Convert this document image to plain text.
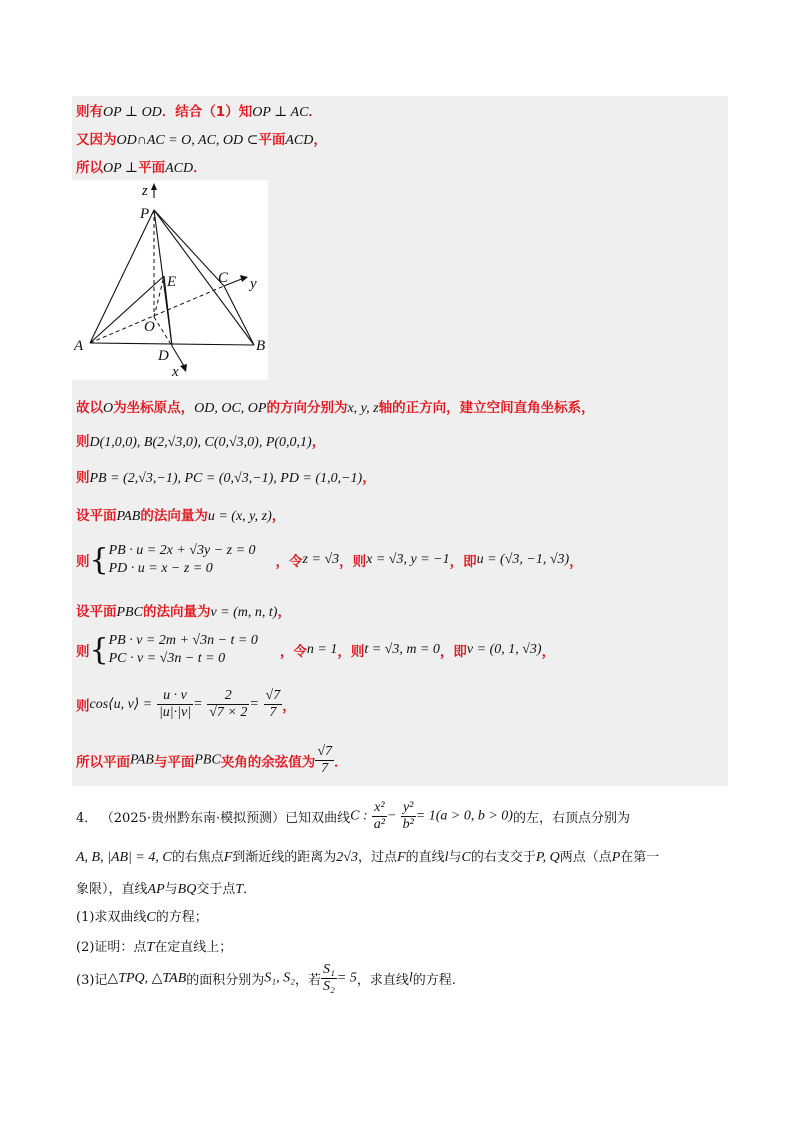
则有OP ⊥ OD．结合（1）知OP ⊥ AC．
又因为OD∩AC = O, AC, OD ⊂平面ACD，
所以OP ⊥平面ACD．
z
P
E	C y
O
A
D
B
x
故以O为坐标原点，OD, OC, OP的方向分别为x, y, z轴的正方向，建立空间直角坐标系，
则D(1,0,0), B(2,√3,0), C(0,√3,0), P(0,0,1)，
则PB = (2,√3,−1), PC = (0,√3,−1), PD = (1,0,−1)，
设平面PAB的法向量为u = (x, y, z)，
则{ PB · u = 2x + √3y − z = 0
PD · u = x − z = 0	，令z = √3，则x = √3, y = −1，即u = (√3, −1, √3)，
设平面PBC的法向量为v = (m, n, t)，
则{ PB · v = 2m + √3n − t = 0
PC · v = √3n − t = 0	，令n = 1，则t = √3, m = 0，即v = (0, 1, √3)，
则cos⟨u, v⟩ = $\frac{u \cdot v}{|u|\cdot|v|} = \frac{2}{√7 \times 2} = \frac{√7}{7}$ ，
所以平面PAB与平面PBC夹角的余弦值为 $\frac{√7}{7}$ ．
4． （2025·贵州黔东南·模拟预测）已知双曲线C : $\frac{\text{x²}}{\text{a²}} - \frac{\text{y²}}{\text{b²}} = 1(a > 0$, b > 0)的左，右顶点分别为
A, B, |AB| = 4, C的右焦点F到渐近线的距离为2√3，过点F的直线l与C的右支交于P, Q两点（点P在第一
象限），直线AP与BQ交于点T．
(1)求双曲线C的方程；
(2)证明：点T在定直线上；
(3)记△TPQ, △TAB的面积分别为S₁, S₂，若 $\frac{\text{S₁}}{\text{S₂}} = 5$，求直线l的方程.
